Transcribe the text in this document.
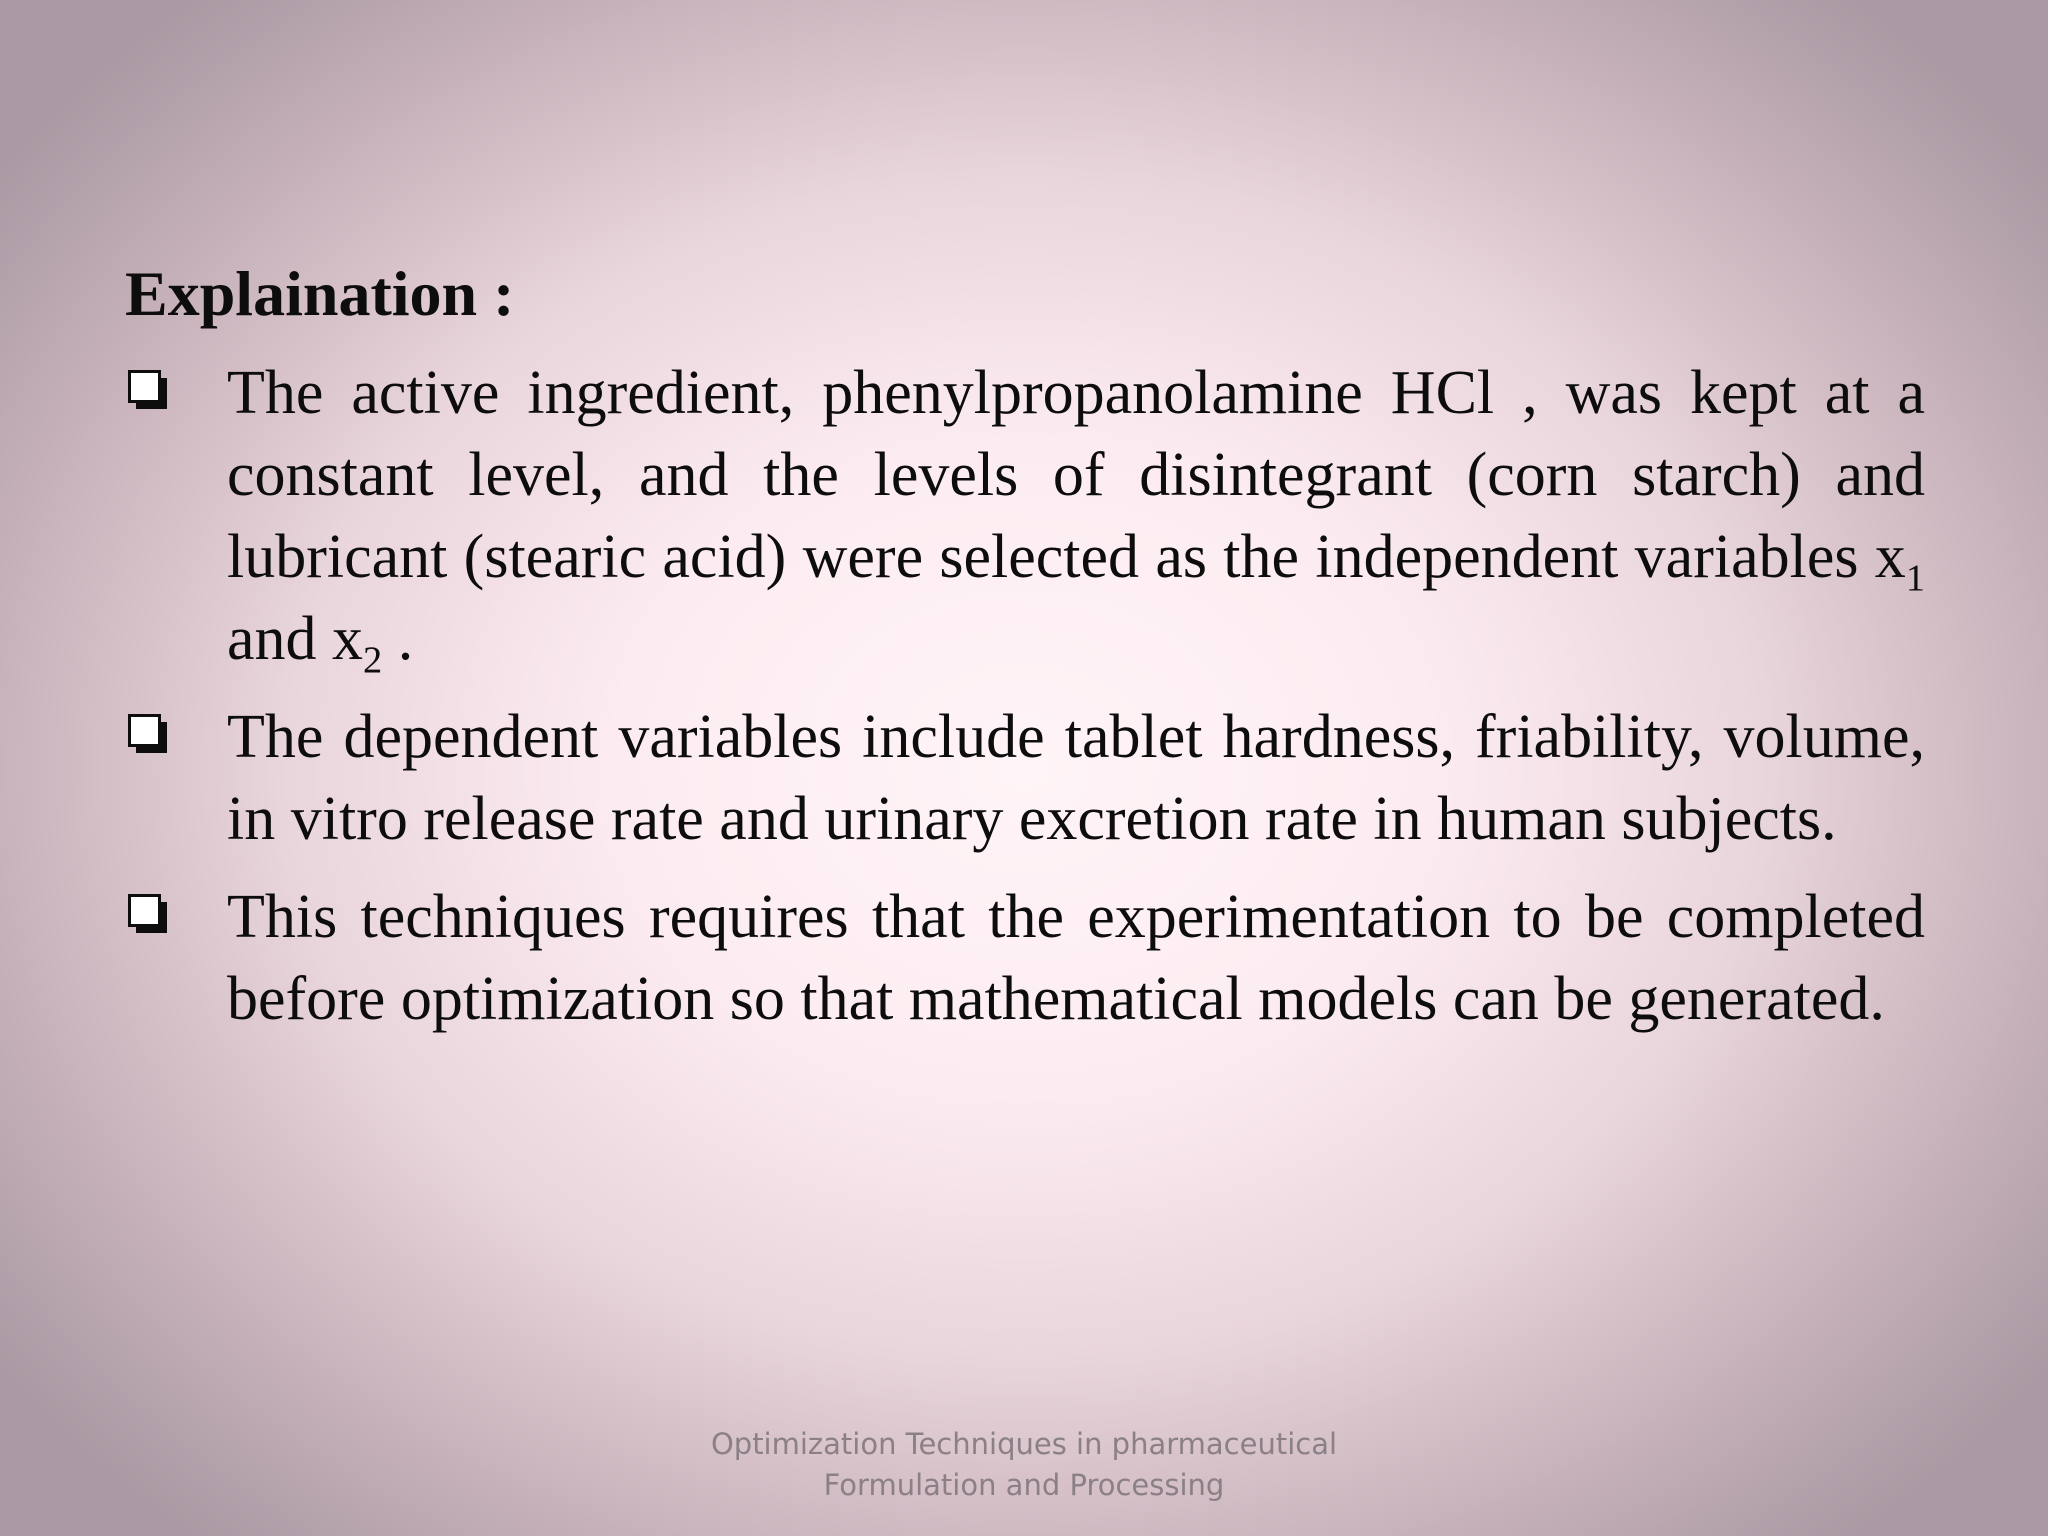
Explaination :
The active ingredient, phenylpropanolamine HCl , was kept at a constant level, and the levels of disintegrant (corn starch) and lubricant (stearic acid) were selected as the independent variables $x_1$ and $x_2$ .
The dependent variables include tablet hardness, friability, volume, in vitro release rate and urinary excretion rate in human subjects.
This techniques requires that the experimentation to be completed before optimization so that mathematical models can be generated.
Optimization Techniques in pharmaceutical
Formulation and Processing
